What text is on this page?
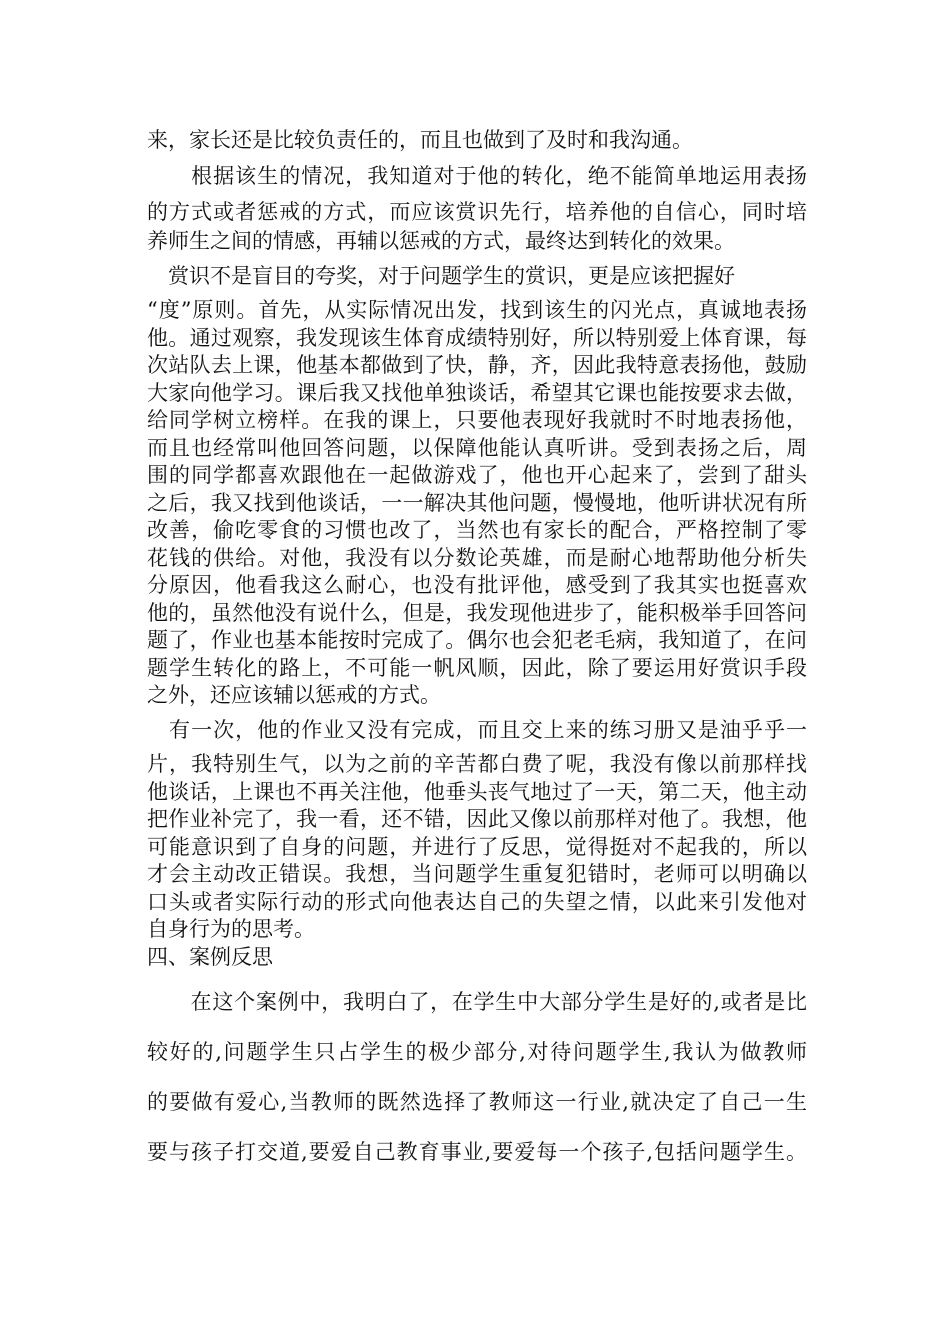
来，家长还是比较负责任的，而且也做到了及时和我沟通。
　　根据该生的情况，我知道对于他的转化，绝不能简单地运用表扬
的方式或者惩戒的方式，而应该赏识先行，培养他的自信心，同时培
养师生之间的情感，再辅以惩戒的方式，最终达到转化的效果。
　赏识不是盲目的夸奖，对于问题学生的赏识，更是应该把握好
“度”原则。首先，从实际情况出发，找到该生的闪光点，真诚地表扬
他。通过观察，我发现该生体育成绩特别好，所以特别爱上体育课，每
次站队去上课，他基本都做到了快，静，齐，因此我特意表扬他，鼓励
大家向他学习。课后我又找他单独谈话，希望其它课也能按要求去做，
给同学树立榜样。在我的课上，只要他表现好我就时不时地表扬他，
而且也经常叫他回答问题，以保障他能认真听讲。受到表扬之后，周
围的同学都喜欢跟他在一起做游戏了，他也开心起来了，尝到了甜头
之后，我又找到他谈话，一一解决其他问题，慢慢地，他听讲状况有所
改善，偷吃零食的习惯也改了，当然也有家长的配合，严格控制了零
花钱的供给。对他，我没有以分数论英雄，而是耐心地帮助他分析失
分原因，他看我这么耐心，也没有批评他，感受到了我其实也挺喜欢
他的，虽然他没有说什么，但是，我发现他进步了，能积极举手回答问
题了，作业也基本能按时完成了。偶尔也会犯老毛病，我知道了，在问
题学生转化的路上，不可能一帆风顺，因此，除了要运用好赏识手段
之外，还应该辅以惩戒的方式。
　有一次，他的作业又没有完成，而且交上来的练习册又是油乎乎一
片，我特别生气，以为之前的辛苦都白费了呢，我没有像以前那样找
他谈话，上课也不再关注他，他垂头丧气地过了一天，第二天，他主动
把作业补完了，我一看，还不错，因此又像以前那样对他了。我想，他
可能意识到了自身的问题，并进行了反思，觉得挺对不起我的，所以
才会主动改正错误。我想，当问题学生重复犯错时，老师可以明确以
口头或者实际行动的形式向他表达自己的失望之情，以此来引发他对
自身行为的思考。
四、案例反思
　　在这个案例中，我明白了，在学生中大部分学生是好的,或者是比
较好的,问题学生只占学生的极少部分,对待问题学生,我认为做教师
的要做有爱心,当教师的既然选择了教师这一行业,就决定了自己一生
要与孩子打交道,要爱自己教育事业,要爱每一个孩子,包括问题学生。
